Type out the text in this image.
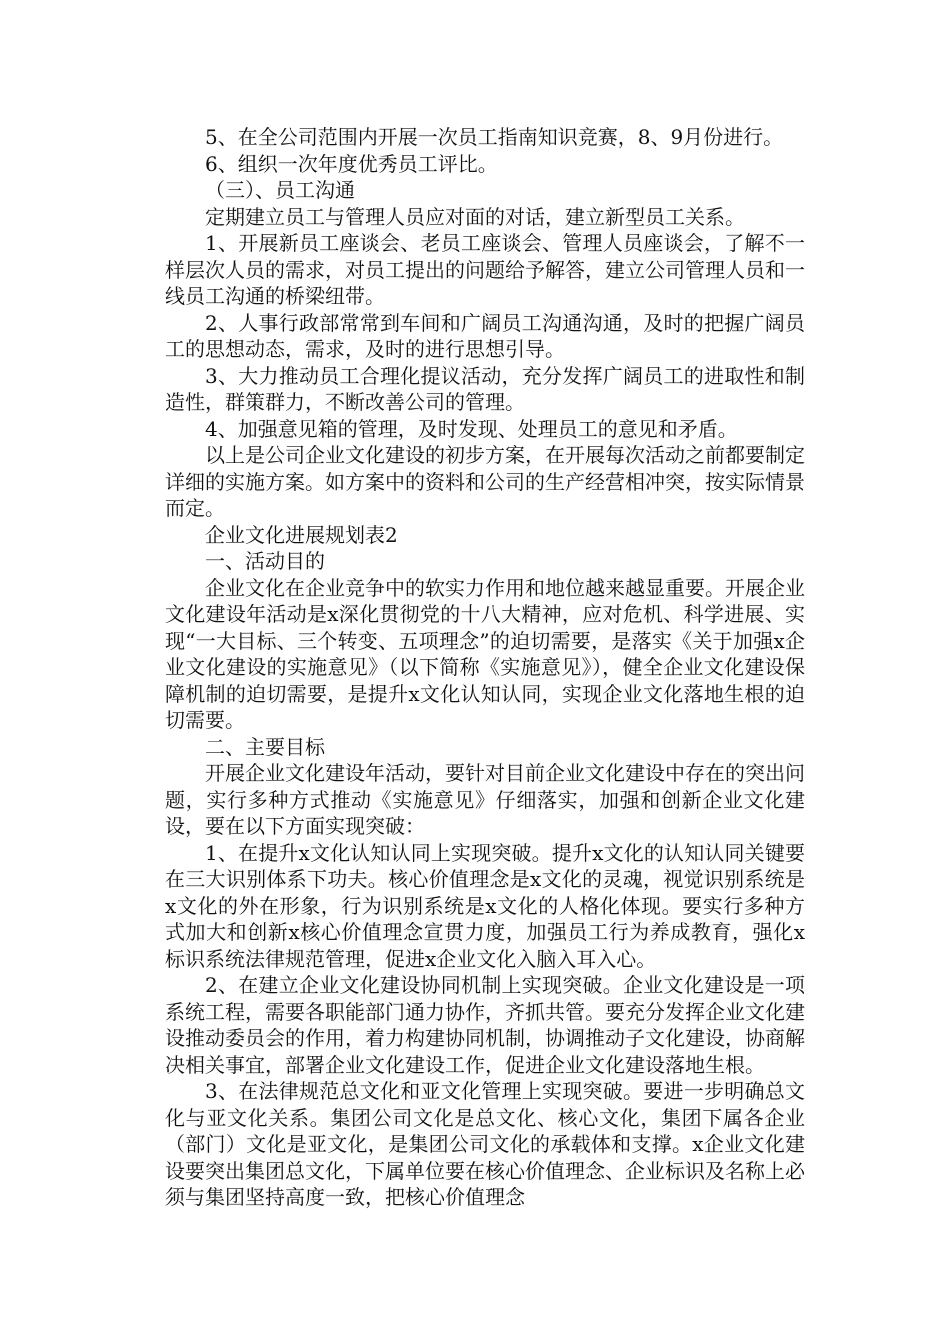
5、在全公司范围内开展一次员工指南知识竞赛，8、9月份进行。

6、组织一次年度优秀员工评比。

（三）、员工沟通

定期建立员工与管理人员应对面的对话，建立新型员工关系。

1、开展新员工座谈会、老员工座谈会、管理人员座谈会，了解不一样层次人员的需求，对员工提出的问题给予解答，建立公司管理人员和一线员工沟通的桥梁纽带。

2、人事行政部常常到车间和广阔员工沟通沟通，及时的把握广阔员工的思想动态，需求，及时的进行思想引导。

3、大力推动员工合理化提议活动，充分发挥广阔员工的进取性和制造性，群策群力，不断改善公司的管理。

4、加强意见箱的管理，及时发现、处理员工的意见和矛盾。

以上是公司企业文化建设的初步方案，在开展每次活动之前都要制定详细的实施方案。如方案中的资料和公司的生产经营相冲突，按实际情景而定。

企业文化进展规划表2

一、活动目的

企业文化在企业竞争中的软实力作用和地位越来越显重要。开展企业文化建设年活动是x深化贯彻党的十八大精神，应对危机、科学进展、实现“一大目标、三个转变、五项理念”的迫切需要，是落实《关于加强x企业文化建设的实施意见》（以下简称《实施意见》），健全企业文化建设保障机制的迫切需要，是提升x文化认知认同，实现企业文化落地生根的迫切需要。

二、主要目标

开展企业文化建设年活动，要针对目前企业文化建设中存在的突出问题，实行多种方式推动《实施意见》仔细落实，加强和创新企业文化建设，要在以下方面实现突破：

1、在提升x文化认知认同上实现突破。提升x文化的认知认同关键要在三大识别体系下功夫。核心价值理念是x文化的灵魂，视觉识别系统是x文化的外在形象，行为识别系统是x文化的人格化体现。要实行多种方式加大和创新x核心价值理念宣贯力度，加强员工行为养成教育，强化x标识系统法律规范管理，促进x企业文化入脑入耳入心。

2、在建立企业文化建设协同机制上实现突破。企业文化建设是一项系统工程，需要各职能部门通力协作，齐抓共管。要充分发挥企业文化建设推动委员会的作用，着力构建协同机制，协调推动子文化建设，协商解决相关事宜，部署企业文化建设工作，促进企业文化建设落地生根。

3、在法律规范总文化和亚文化管理上实现突破。要进一步明确总文化与亚文化关系。集团公司文化是总文化、核心文化，集团下属各企业（部门）文化是亚文化，是集团公司文化的承载体和支撑。x企业文化建设要突出集团总文化，下属单位要在核心价值理念、企业标识及名称上必须与集团坚持高度一致，把核心价值理念
